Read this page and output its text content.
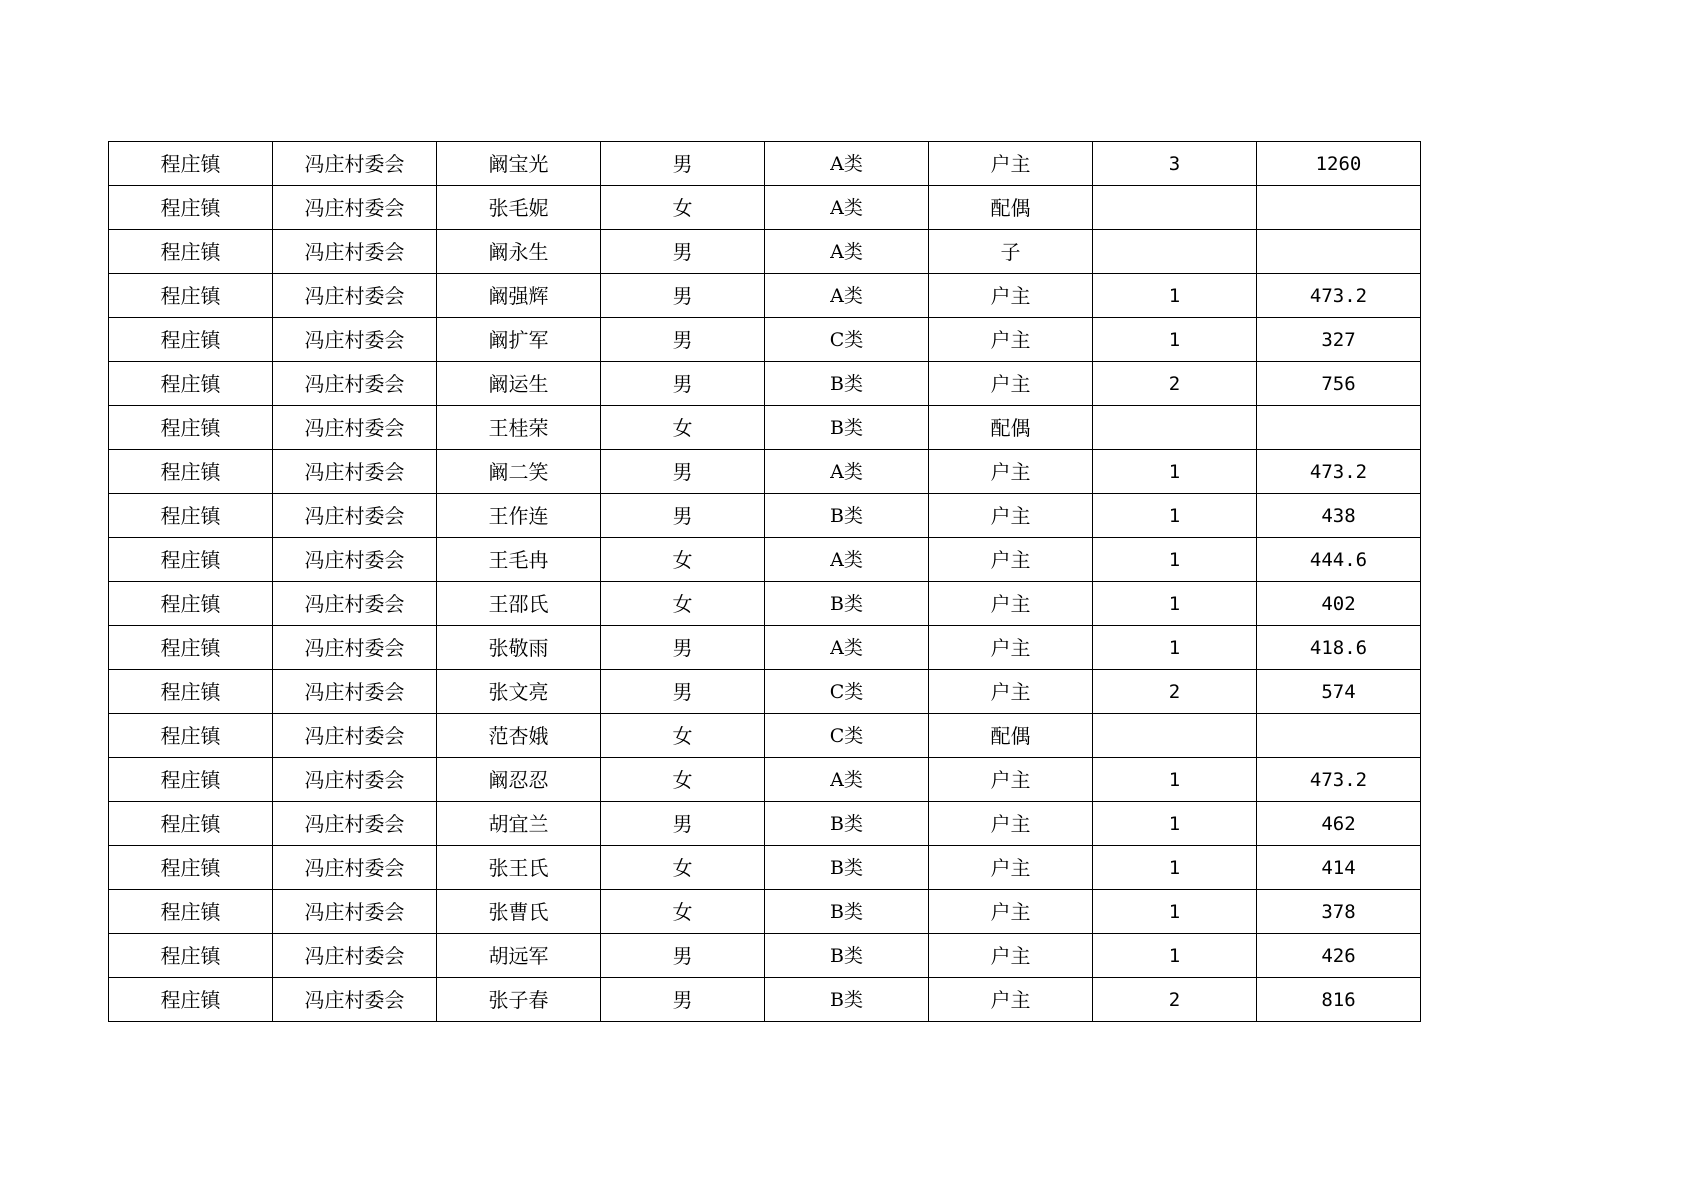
程庄镇	冯庄村委会	阚宝光	男	A类	户主	3	1260
程庄镇	冯庄村委会	张毛妮	女	A类	配偶		
程庄镇	冯庄村委会	阚永生	男	A类	子		
程庄镇	冯庄村委会	阚强辉	男	A类	户主	1	473.2
程庄镇	冯庄村委会	阚扩军	男	C类	户主	1	327
程庄镇	冯庄村委会	阚运生	男	B类	户主	2	756
程庄镇	冯庄村委会	王桂荣	女	B类	配偶		
程庄镇	冯庄村委会	阚二笑	男	A类	户主	1	473.2
程庄镇	冯庄村委会	王作连	男	B类	户主	1	438
程庄镇	冯庄村委会	王毛冉	女	A类	户主	1	444.6
程庄镇	冯庄村委会	王邵氏	女	B类	户主	1	402
程庄镇	冯庄村委会	张敬雨	男	A类	户主	1	418.6
程庄镇	冯庄村委会	张文亮	男	C类	户主	2	574
程庄镇	冯庄村委会	范杏娥	女	C类	配偶		
程庄镇	冯庄村委会	阚忍忍	女	A类	户主	1	473.2
程庄镇	冯庄村委会	胡宜兰	男	B类	户主	1	462
程庄镇	冯庄村委会	张王氏	女	B类	户主	1	414
程庄镇	冯庄村委会	张曹氏	女	B类	户主	1	378
程庄镇	冯庄村委会	胡远军	男	B类	户主	1	426
程庄镇	冯庄村委会	张子春	男	B类	户主	2	816
